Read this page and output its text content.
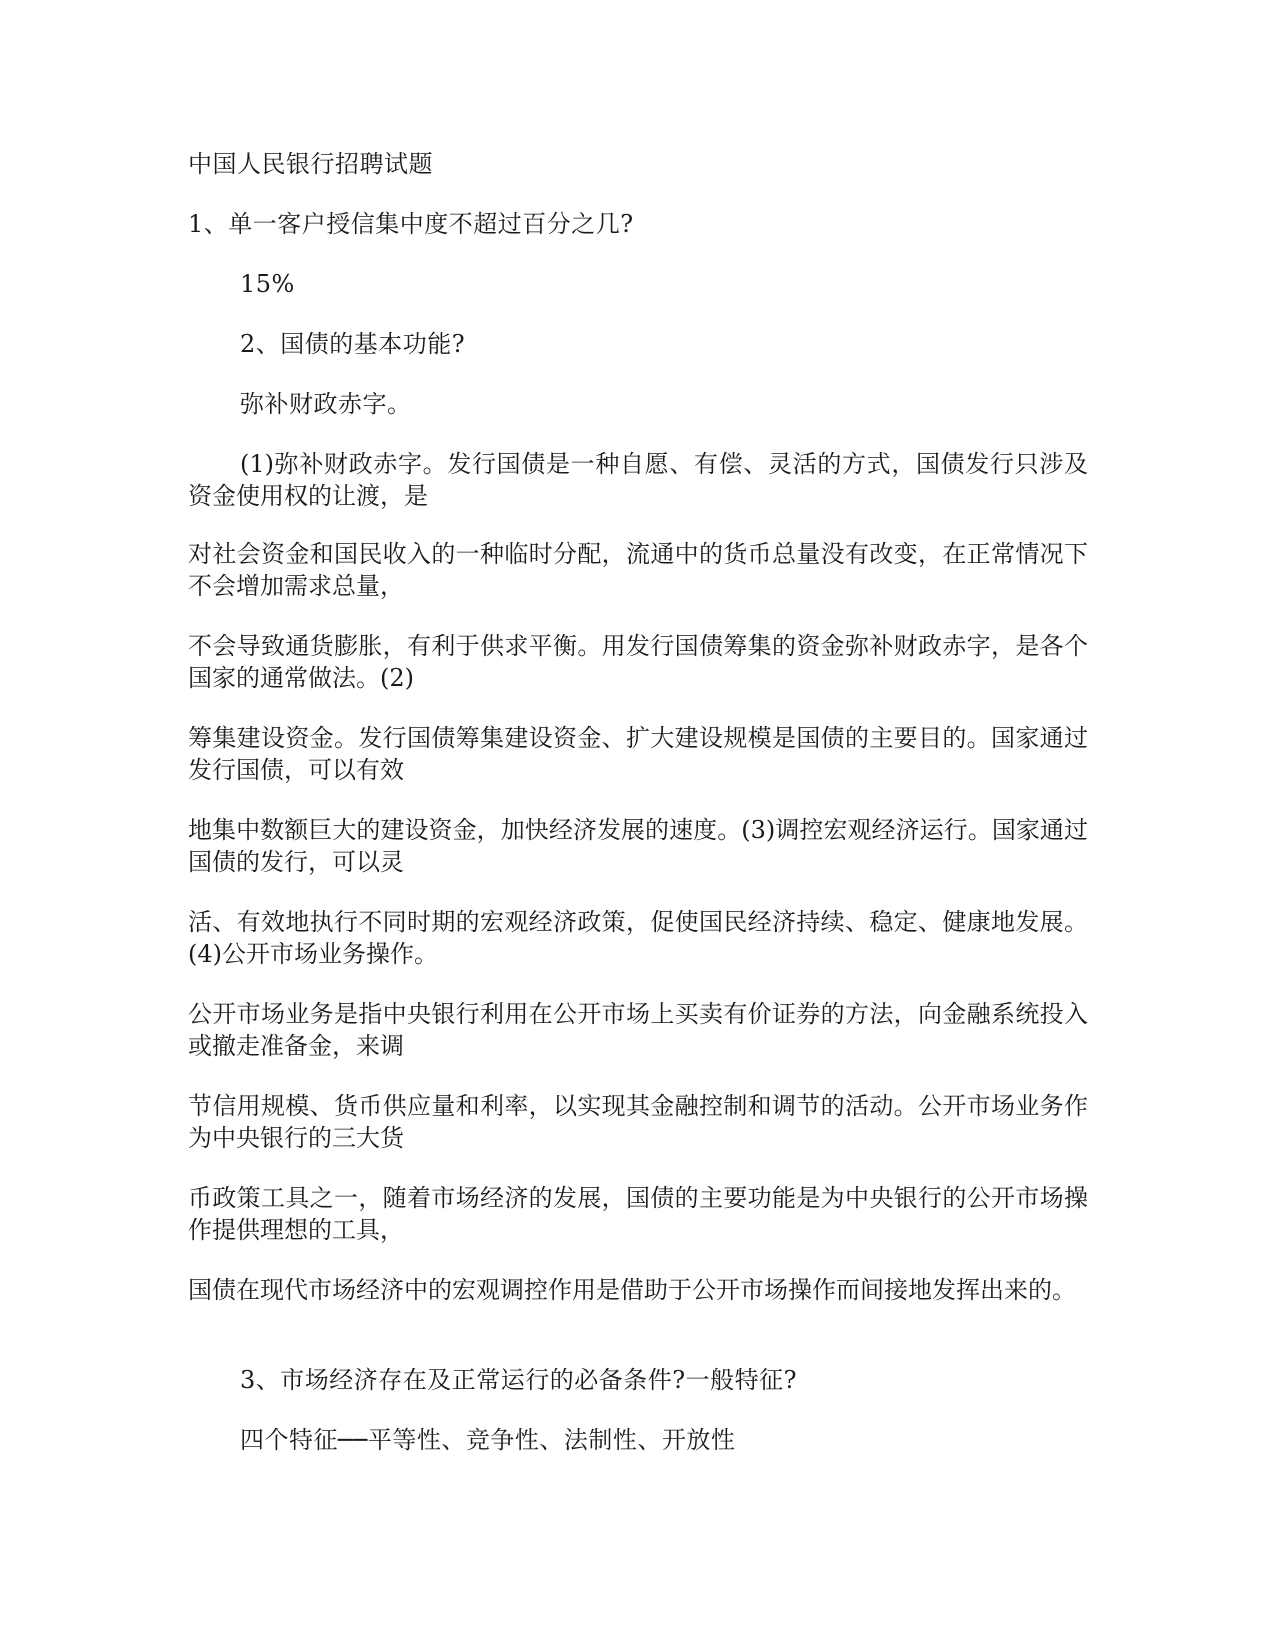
中国人民银行招聘试题
1、单一客户授信集中度不超过百分之几?
15%
2、国债的基本功能?
弥补财政赤字。
(1)弥补财政赤字。发行国债是一种自愿、有偿、灵活的方式，国债发行只涉及资金使用权的让渡，是
对社会资金和国民收入的一种临时分配，流通中的货币总量没有改变，在正常情况下不会增加需求总量，
不会导致通货膨胀，有利于供求平衡。用发行国债筹集的资金弥补财政赤字，是各个国家的通常做法。(2)
筹集建设资金。发行国债筹集建设资金、扩大建设规模是国债的主要目的。国家通过发行国债，可以有效
地集中数额巨大的建设资金，加快经济发展的速度。(3)调控宏观经济运行。国家通过国债的发行，可以灵
活、有效地执行不同时期的宏观经济政策，促使国民经济持续、稳定、健康地发展。(4)公开市场业务操作。
公开市场业务是指中央银行利用在公开市场上买卖有价证券的方法，向金融系统投入或撤走准备金，来调
节信用规模、货币供应量和利率，以实现其金融控制和调节的活动。公开市场业务作为中央银行的三大货
币政策工具之一，随着市场经济的发展，国债的主要功能是为中央银行的公开市场操作提供理想的工具，
国债在现代市场经济中的宏观调控作用是借助于公开市场操作而间接地发挥出来的。
3、市场经济存在及正常运行的必备条件?一般特征?
四个特征──平等性、竞争性、法制性、开放性
